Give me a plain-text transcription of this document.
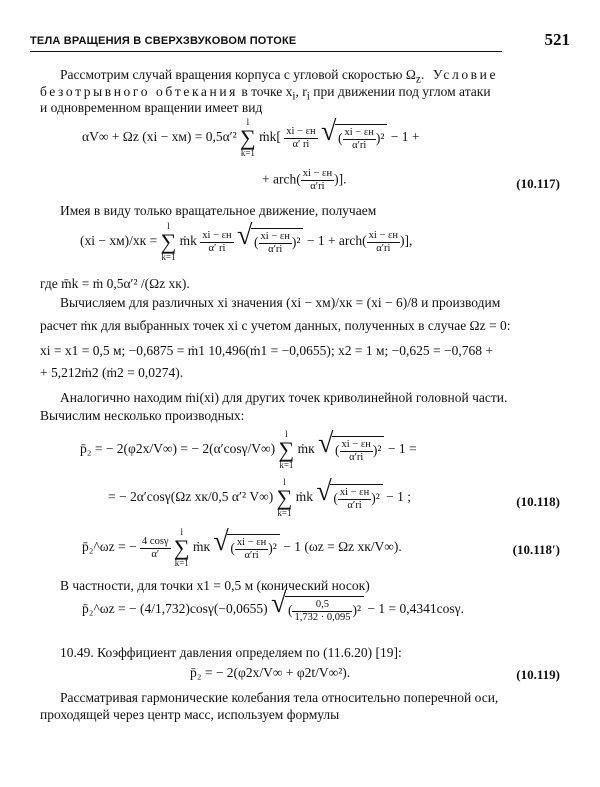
ТЕЛА ВРАЩЕНИЯ В СВЕРХЗВУКОВОМ ПОТОКЕ	521
Рассмотрим случай вращения корпуса с угловой скоростью $\Omega_z$. Условие
безотрывного обтекания в точке $x_i$, $r_i$ при движении под углом атаки
и одновременном вращении имеет вид
αV∞ + Ωz (xi − xм) = 0,5α′² l
∑
k=1 ṁk[ $\frac{xi - \varepsilon н}{\alpha' ri}$ √ ( $\frac{xi - \varepsilon н}{\alpha'ri} )^2 - 1$ +
+ arch( $\frac{xi - \varepsilon н}{\alpha'ri}$ )].	(10.117)
Имея в виду только вращательное движение, получаем
(xi − xм)/xк = l
∑
k=1 ṁk $\frac{xi - \varepsilon н}{\alpha' ri}$ √ ( $\frac{xi - \varepsilon н}{\alpha'ri} )^2 - 1$ + arch( $\frac{xi - \varepsilon н}{\alpha'ri}$ )],
где m̄k = ṁ 0,5α′² /(Ωz xк).
Вычисляем для различных xi значения (xi − xм)/xк = (xi − 6)/8 и производим
расчет ṁк для выбранных точек xi с учетом данных, полученных в случае Ωz = 0:
xi = x1 = 0,5 м; −0,6875 = ṁ1 10,496(ṁ1 = −0,0655); x2 = 1 м; −0,625 = −0,768 +
+ 5,212ṁ2 (ṁ2 = 0,0274).
Аналогично находим ṁi(xi) для других точек криволинейной головной части.
Вычислим несколько производных:
p̄₂ = − 2(φ2x/V∞) = − 2(α′cosγ/V∞) l
∑
k=1 ṁк √ ( $\frac{xi - \varepsilon н}{\alpha'ri} )^2 - 1$ =
= − 2α′cosγ(Ωz xк/0,5 α′² V∞) l
∑
k=1 ṁk √ ( $\frac{xi - \varepsilon н}{\alpha'ri} )^2 - 1$ ;	(10.118)
p̄₂^ωz = − $\frac{4 \cos\gamma}{\alpha'}$
l
∑
k=1 ṁк √ ( $\frac{xi - \varepsilon н}{\alpha'ri} )^2 - 1$ (ωz = Ωz xк/V∞).	(10.118′)
В частности, для точки x1 = 0,5 м (конический носок)
p̄₂^ωz = − (4/1,732)cosγ(−0,0655) √ ( $\frac{0,5}{1,732 \cdot 0,095} )^2 - 1 = 0,4341\cos\gamma$.
10.49. Коэффициент давления определяем по (11.6.20) [19]:
p̄₂ = − 2(φ2x/V∞ + φ2t/V∞²).	(10.119)
Рассматривая гармонические колебания тела относительно поперечной оси,
проходящей через центр масс, используем формулы
